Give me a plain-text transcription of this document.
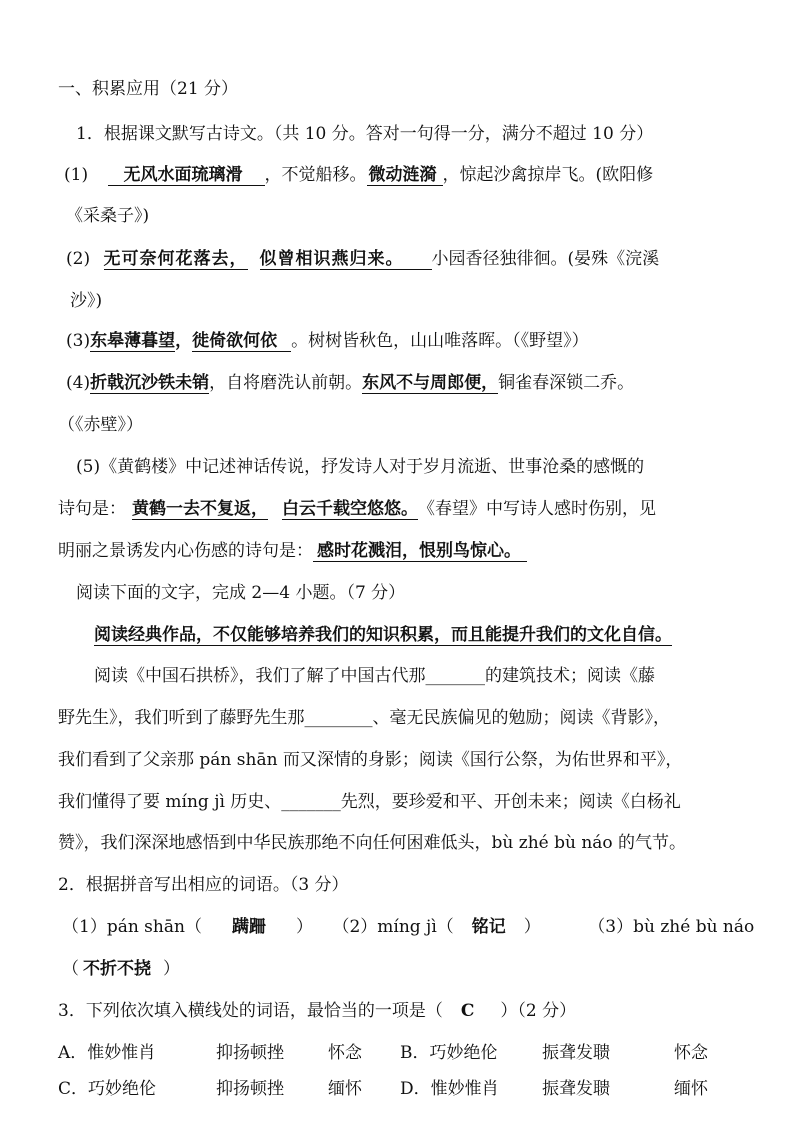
一、积累应用（21 分）
1．根据课文默写古诗文。（共 10 分。答对一句得一分，满分不超过 10 分）
(1) 无风水面琉璃滑 ，不觉船移。 微动涟漪 ，惊起沙禽掠岸飞。(欧阳修
《采桑子》)
(2) 无可奈何花落去， 似曾相识燕归来。 小园香径独徘徊。(晏殊《浣溪
沙》)
(3)东皋薄暮望，徙倚欲何依 。树树皆秋色，山山唯落晖。（《野望》）
(4)折戟沉沙铁未销，自将磨洗认前朝。东风不与周郎便，铜雀春深锁二乔。
（《赤壁》）
(5)《黄鹤楼》中记述神话传说，抒发诗人对于岁月流逝、世事沧桑的感慨的
诗句是： 黄鹤一去不复返， 白云千载空悠悠。《春望》中写诗人感时伤别，见
明丽之景诱发内心伤感的诗句是： 感时花溅泪，恨别鸟惊心。
阅读下面的文字，完成 2—4 小题。（7 分）
阅读经典作品，不仅能够培养我们的知识积累，而且能提升我们的文化自信。
阅读《中国石拱桥》，我们了解了中国古代那_______的建筑技术；阅读《藤
野先生》，我们听到了藤野先生那________、毫无民族偏见的勉励；阅读《背影》，
我们看到了父亲那 pán shān 而又深情的身影；阅读《国行公祭，为佑世界和平》，
我们懂得了要 míng jì 历史、_______先烈，要珍爱和平、开创未来；阅读《白杨礼
赞》，我们深深地感悟到中华民族那绝不向任何困难低头，bù zhé bù náo 的气节。
2．根据拼音写出相应的词语。（3 分）
（1）pán shān（ 蹒跚 ） （2）míng jì（ 铭记 ）	（3）bù zhé bù náo
（ 不折不挠 ）
3．下列依次填入横线处的词语，最恰当的一项是（ C ）（2 分）
A．惟妙惟肖	抑扬顿挫	怀念 B．巧妙绝伦	振聋发聩	怀念
C．巧妙绝伦	抑扬顿挫	缅怀 D．惟妙惟肖	振聋发聩	缅怀
